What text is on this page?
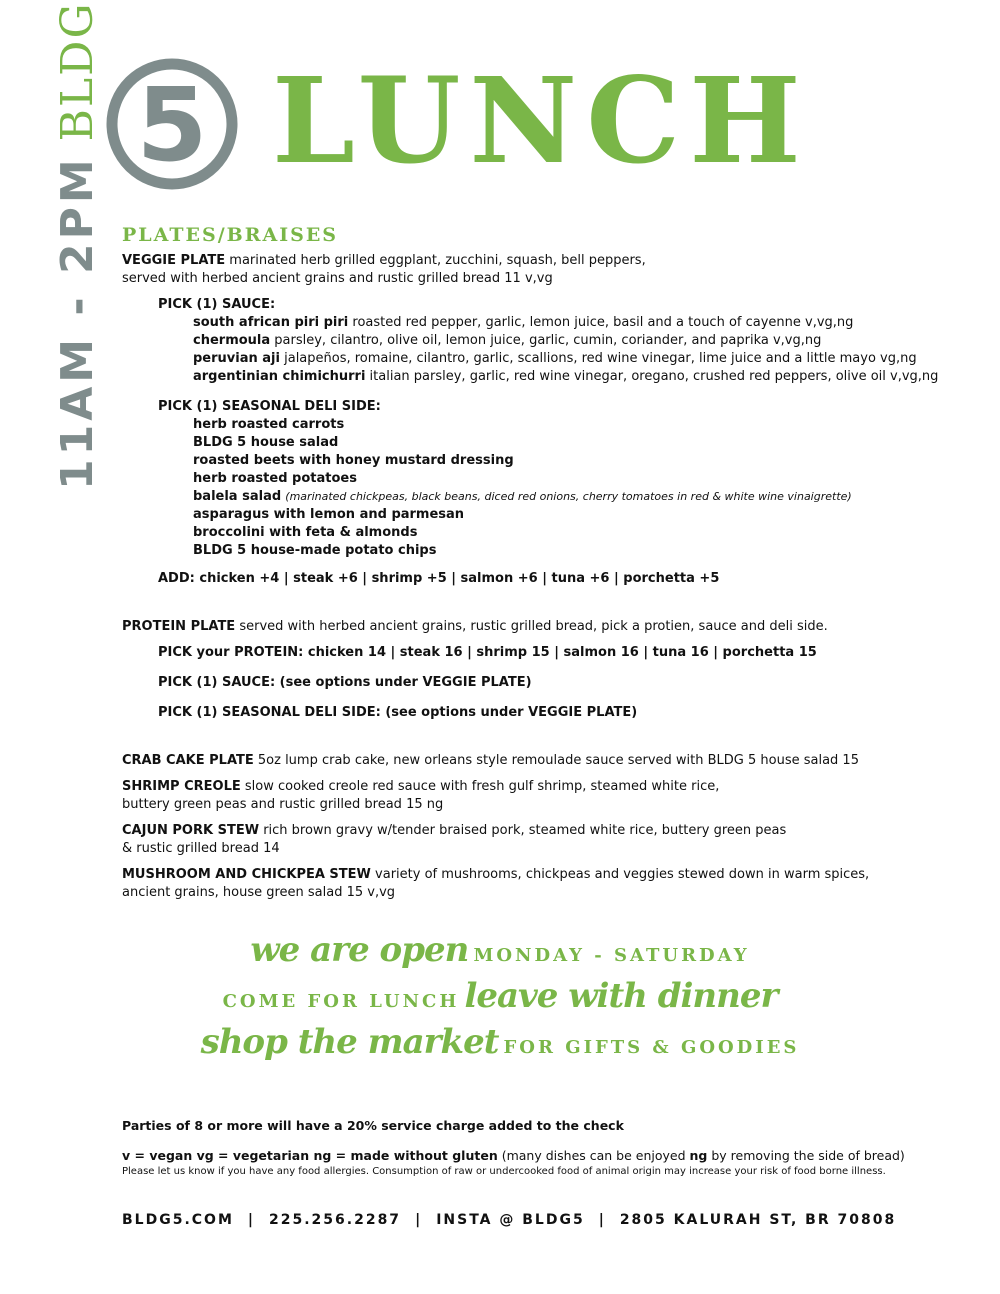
11AM - 2PMBLDG 5 LUNCH
PLATES/BRAISES

VEGGIE PLATE marinated herb grilled eggplant, zucchini, squash, bell peppers,

served with herbed ancient grains and rustic grilled bread 11 v,vg

PICK (1) SAUCE:

south african piri piri roasted red pepper, garlic, lemon juice, basil and a touch of cayenne v,vg,ng

chermoula parsley, cilantro, olive oil, lemon juice, garlic, cumin, coriander, and paprika v,vg,ng

peruvian aji jalapeños, romaine, cilantro, garlic, scallions, red wine vinegar, lime juice and a little mayo vg,ng

argentinian chimichurri italian parsley, garlic, red wine vinegar, oregano, crushed red peppers, olive oil v,vg,ng

PICK (1) SEASONAL DELI SIDE:

herb roasted carrots

BLDG 5 house salad

roasted beets with honey mustard dressing

herb roasted potatoes

balela salad (marinated chickpeas, black beans, diced red onions, cherry tomatoes in red & white wine vinaigrette)

asparagus with lemon and parmesan

broccolini with feta & almonds

BLDG 5 house-made potato chips

ADD: chicken +4 | steak +6 | shrimp +5 | salmon +6 | tuna +6 | porchetta +5

PROTEIN PLATE served with herbed ancient grains, rustic grilled bread, pick a protien, sauce and deli side.

PICK your PROTEIN: chicken 14 | steak 16 | shrimp 15 | salmon 16 | tuna 16 | porchetta 15

PICK (1) SAUCE: (see options under VEGGIE PLATE)

PICK (1) SEASONAL DELI SIDE: (see options under VEGGIE PLATE)

CRAB CAKE PLATE 5oz lump crab cake, new orleans style remoulade sauce served with BLDG 5 house salad 15

SHRIMP CREOLE slow cooked creole red sauce with fresh gulf shrimp, steamed white rice,

buttery green peas and rustic grilled bread 15 ng

CAJUN PORK STEW rich brown gravy w/tender braised pork, steamed white rice, buttery green peas

& rustic grilled bread 14

MUSHROOM AND CHICKPEA STEW variety of mushrooms, chickpeas and veggies stewed down in warm spices,

ancient grains, house green salad 15 v,vg

we are open MONDAY - SATURDAY
COME FOR LUNCH leave with dinner
shop the market FOR GIFTS & GOODIES
Parties of 8 or more will have a 20% service charge added to the check
v = vegan vg = vegetarian ng = made without gluten (many dishes can be enjoyed ng by removing the side of bread)
Please let us know if you have any food allergies. Consumption of raw or undercooked food of animal origin may increase your risk of food borne illness.
BLDG5.COM | 225.256.2287 | INSTA @ BLDG5 | 2805 KALURAH ST, BR 70808
